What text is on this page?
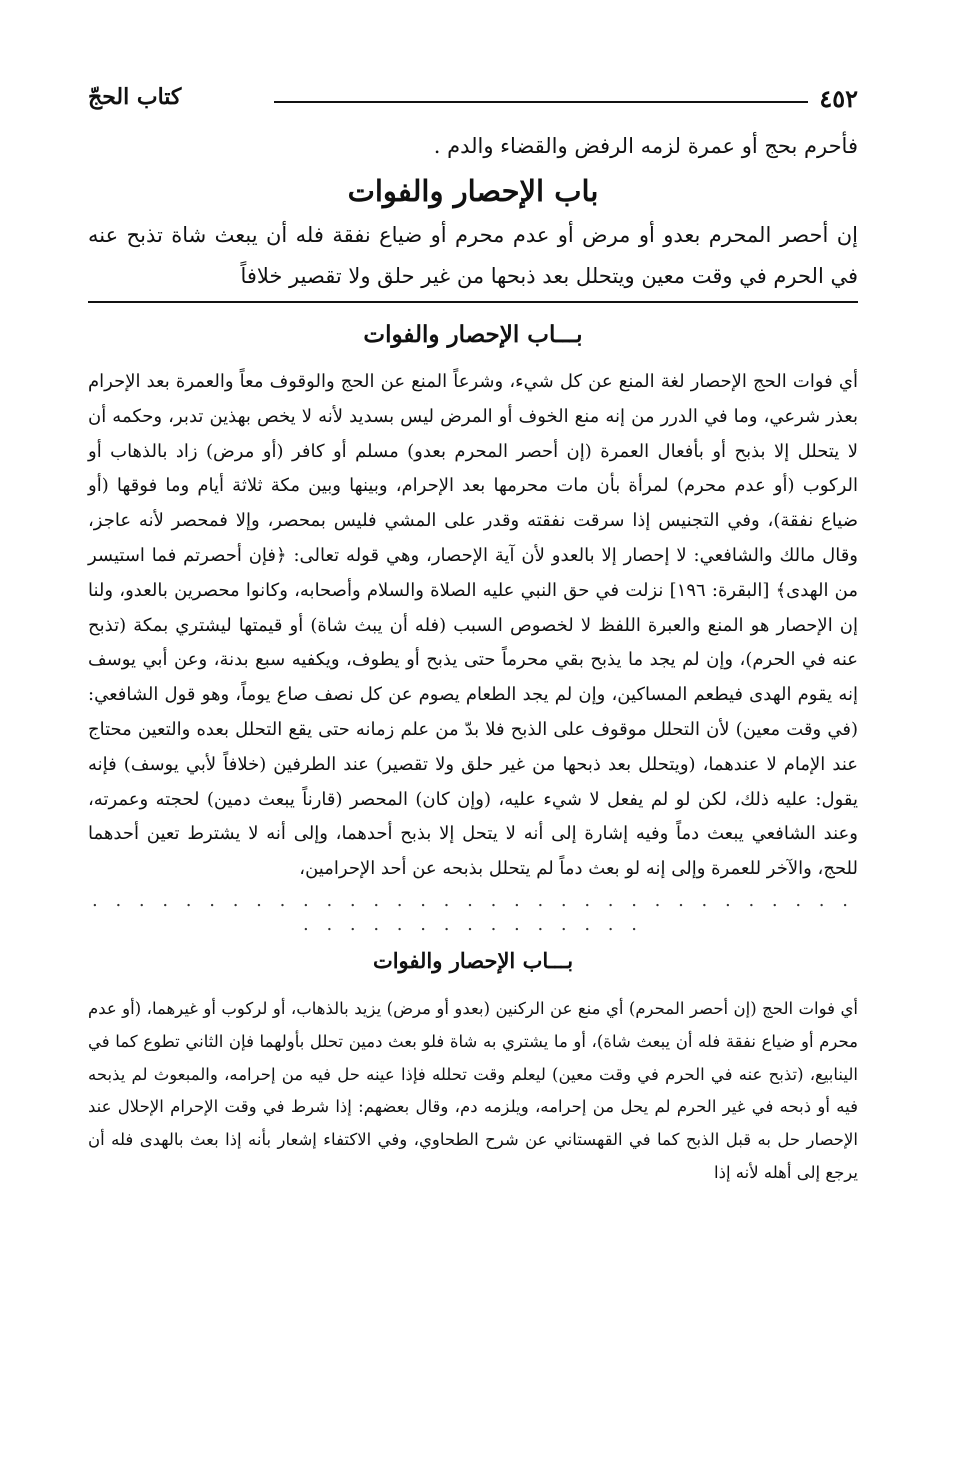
٤٥٢
كتاب الحجّ
فأحرم بحج أو عمرة لزمه الرفض والقضاء والدم .
باب الإحصار والفوات
إن أحصر المحرم بعدو أو مرض أو عدم محرم أو ضياع نفقة فله أن يبعث شاة تذبح عنه في الحرم في وقت معين ويتحلل بعد ذبحها من غير حلق ولا تقصير خلافاً
بـــاب الإحصار والفوات

أي فوات الحج الإحصار لغة المنع عن كل شيء، وشرعاً المنع عن الحج والوقوف معاً والعمرة بعد الإحرام بعذر شرعي، وما في الدرر من إنه منع الخوف أو المرض ليس بسديد لأنه لا يخص بهذين تدبر، وحكمه أن لا يتحلل إلا بذبح أو بأفعال العمرة (إن أحصر المحرم بعدو) مسلم أو كافر (أو مرض) زاد بالذهاب أو الركوب (أو عدم محرم) لمرأة بأن مات محرمها بعد الإحرام، وبينها وبين مكة ثلاثة أيام وما فوقها (أو ضياع نفقة)، وفي التجنيس إذا سرقت نفقته وقدر على المشي فليس بمحصر، وإلا فمحصر لأنه عاجز، وقال مالك والشافعي: لا إحصار إلا بالعدو لأن آية الإحصار، وهي قوله تعالى: ﴿فإن أحصرتم فما استيسر من الهدى﴾ [البقرة: ١٩٦] نزلت في حق النبي عليه الصلاة والسلام وأصحابه، وكانوا محصرين بالعدو، ولنا إن الإحصار هو المنع والعبرة اللفظ لا لخصوص السبب (فله أن يبث شاة) أو قيمتها ليشتري بمكة (تذبح عنه في الحرم)، وإن لم يجد ما يذبح بقي محرماً حتى يذبح أو يطوف، ويكفيه سبع بدنة، وعن أبي يوسف إنه يقوم الهدى فيطعم المساكين، وإن لم يجد الطعام يصوم عن كل نصف صاع يوماً، وهو قول الشافعي: (في وقت معين) لأن التحلل موقوف على الذبح فلا بدّ من علم زمانه حتى يقع التحلل بعده والتعين محتاج عند الإمام لا عندهما، (ويتحلل بعد ذبحها من غير حلق ولا تقصير) عند الطرفين (خلافاً لأبي يوسف) فإنه يقول: عليه ذلك، لكن لو لم يفعل لا شيء عليه، (وإن كان) المحصر (قارناً يبعث دمين) لحجته وعمرته، وعند الشافعي يبعث دماً وفيه إشارة إلى أنه لا يتحل إلا بذبح أحدهما، وإلى أنه لا يشترط تعين أحدهما للحج، والآخر للعمرة وإلى إنه لو بعث دماً لم يتحلل بذبحه عن أحد الإحرامين،

. . . . . . . . . . . . . . . . . . . . . . . . . . . . . . . . . . . . . . . . . . . . . . . .
بـــاب الإحصار والفوات

أي فوات الحج (إن أحصر المحرم) أي منع عن الركنين (بعدو أو مرض) يزيد بالذهاب، أو لركوب أو غيرهما، (أو عدم محرم أو ضياع نفقة فله أن يبعث شاة)، أو ما يشتري به شاة فلو بعث دمين تحلل بأولهما فإن الثاني تطوع كما في الينابيع، (تذبح عنه في الحرم في وقت معين) ليعلم وقت تحلله فإذا عينه حل فيه من إحرامه، والمبعوث لم يذبحه فيه أو ذبحه في غير الحرم لم يحل من إحرامه، ويلزمه دم، وقال بعضهم: إذا شرط في وقت الإحرام الإحلال عند الإحصار حل به قبل الذبح كما في القهستاني عن شرح الطحاوي، وفي الاكتفاء إشعار بأنه إذا بعث بالهدى فله أن يرجع إلى أهله لأنه إذا
